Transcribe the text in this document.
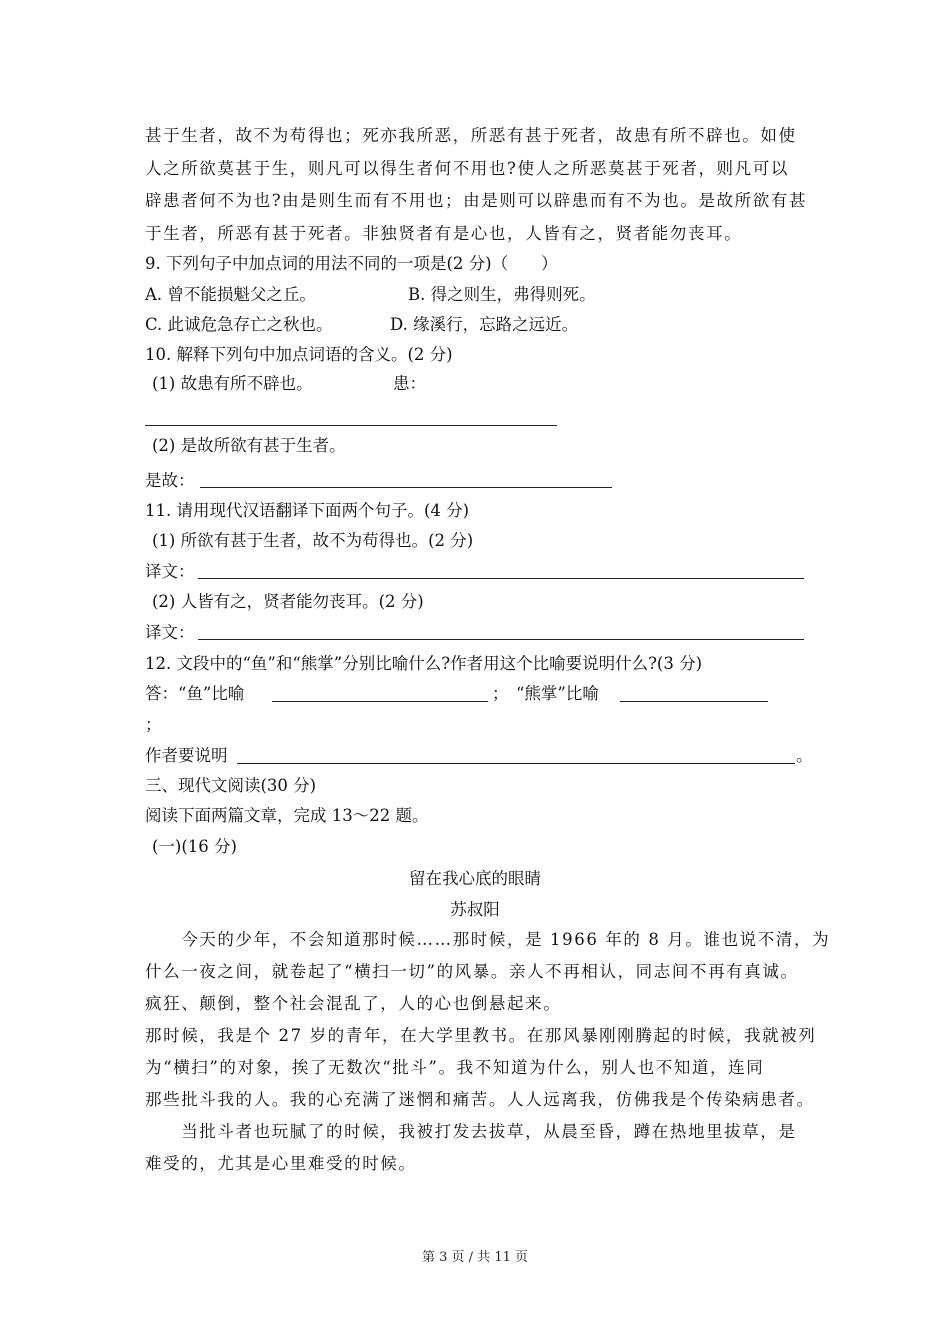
甚于生者，故不为苟得也；死亦我所恶，所恶有甚于死者，故患有所不辟也。如使
人之所欲莫甚于生，则凡可以得生者何不用也?使人之所恶莫甚于死者，则凡可以
辟患者何不为也?由是则生而有不用也；由是则可以辟患而有不为也。是故所欲有甚
于生者，所恶有甚于死者。非独贤者有是心也，人皆有之，贤者能勿丧耳。
9. 下列句子中加点词的用法不同的一项是(2 分)（　　）
A. 曾不能损魁父之丘。	B. 得之则生，弗得则死。
C. 此诚危急存亡之秋也。	D. 缘溪行，忘路之远近。
10. 解释下列句中加点词语的含义。(2 分)
(1) 故患有所不辟也。	患：
(2) 是故所欲有甚于生者。
是故：
11. 请用现代汉语翻译下面两个句子。(4 分)
(1) 所欲有甚于生者，故不为苟得也。(2 分)
译文：
(2) 人皆有之，贤者能勿丧耳。(2 分)
译文：
12. 文段中的“鱼”和“熊掌”分别比喻什么?作者用这个比喻要说明什么?(3 分)
答：“鱼”比喻	； “熊掌”比喻
；
作者要说明	。
三、现代文阅读(30 分)
阅读下面两篇文章，完成 13～22 题。
(一)(16 分)
留在我心底的眼睛
苏叔阳
　　今天的少年，不会知道那时候……那时候，是 1966 年的 8 月。谁也说不清，为
什么一夜之间，就卷起了“横扫一切”的风暴。亲人不再相认，同志间不再有真诚。
疯狂、颠倒，整个社会混乱了，人的心也倒悬起来。
那时候，我是个 27 岁的青年，在大学里教书。在那风暴刚刚腾起的时候，我就被列
为“横扫”的对象，挨了无数次“批斗”。我不知道为什么，别人也不知道，连同
那些批斗我的人。我的心充满了迷惘和痛苦。人人远离我，仿佛我是个传染病患者。
　　当批斗者也玩腻了的时候，我被打发去拔草，从晨至昏，蹲在热地里拔草，是
难受的，尤其是心里难受的时候。
第 3 页 / 共 11 页
